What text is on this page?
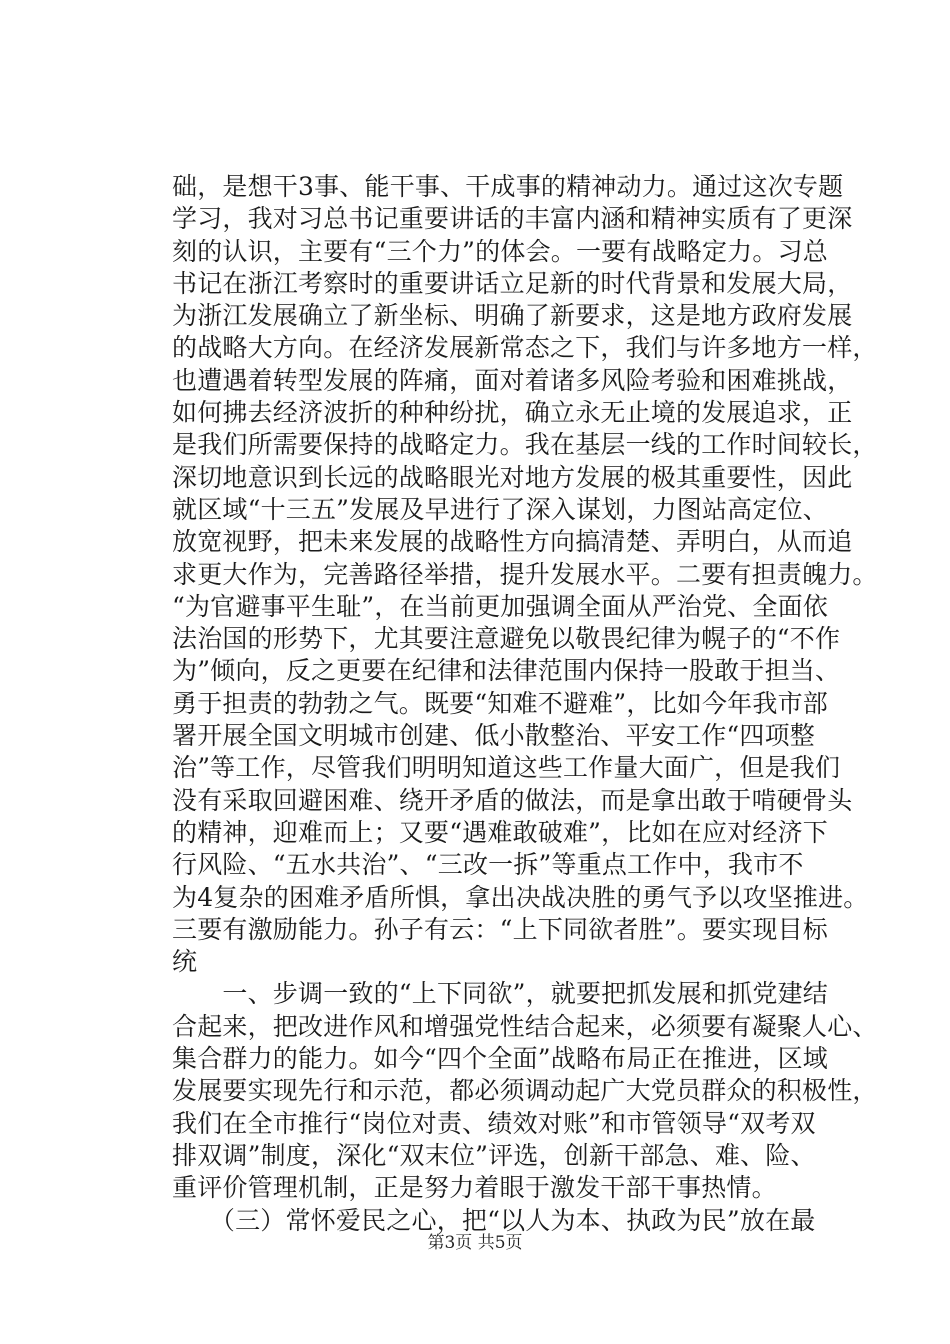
础，是想干3事、能干事、干成事的精神动力。通过这次专题
学习，我对习总书记重要讲话的丰富内涵和精神实质有了更深
刻的认识，主要有“三个力”的体会。一要有战略定力。习总
书记在浙江考察时的重要讲话立足新的时代背景和发展大局，
为浙江发展确立了新坐标、明确了新要求，这是地方政府发展
的战略大方向。在经济发展新常态之下，我们与许多地方一样，
也遭遇着转型发展的阵痛，面对着诸多风险考验和困难挑战，
如何拂去经济波折的种种纷扰，确立永无止境的发展追求，正
是我们所需要保持的战略定力。我在基层一线的工作时间较长，
深切地意识到长远的战略眼光对地方发展的极其重要性，因此
就区域“十三五”发展及早进行了深入谋划，力图站高定位、
放宽视野，把未来发展的战略性方向搞清楚、弄明白，从而追
求更大作为，完善路径举措，提升发展水平。二要有担责魄力。
“为官避事平生耻”，在当前更加强调全面从严治党、全面依
法治国的形势下，尤其要注意避免以敬畏纪律为幌子的“不作
为”倾向，反之更要在纪律和法律范围内保持一股敢于担当、
勇于担责的勃勃之气。既要“知难不避难”，比如今年我市部
署开展全国文明城市创建、低小散整治、平安工作“四项整
治”等工作，尽管我们明明知道这些工作量大面广，但是我们
没有采取回避困难、绕开矛盾的做法，而是拿出敢于啃硬骨头
的精神，迎难而上；又要“遇难敢破难”，比如在应对经济下
行风险、“五水共治”、“三改一拆”等重点工作中，我市不
为4复杂的困难矛盾所惧，拿出决战决胜的勇气予以攻坚推进。
三要有激励能力。孙子有云：“上下同欲者胜”。要实现目标
统
　　一、步调一致的“上下同欲”，就要把抓发展和抓党建结
合起来，把改进作风和增强党性结合起来，必须要有凝聚人心、
集合群力的能力。如今“四个全面”战略布局正在推进，区域
发展要实现先行和示范，都必须调动起广大党员群众的积极性，
我们在全市推行“岗位对责、绩效对账”和市管领导“双考双
排双调”制度，深化“双末位”评选，创新干部急、难、险、
重评价管理机制，正是努力着眼于激发干部干事热情。
　　（三）常怀爱民之心，把“以人为本、执政为民”放在最
第3页 共5页
